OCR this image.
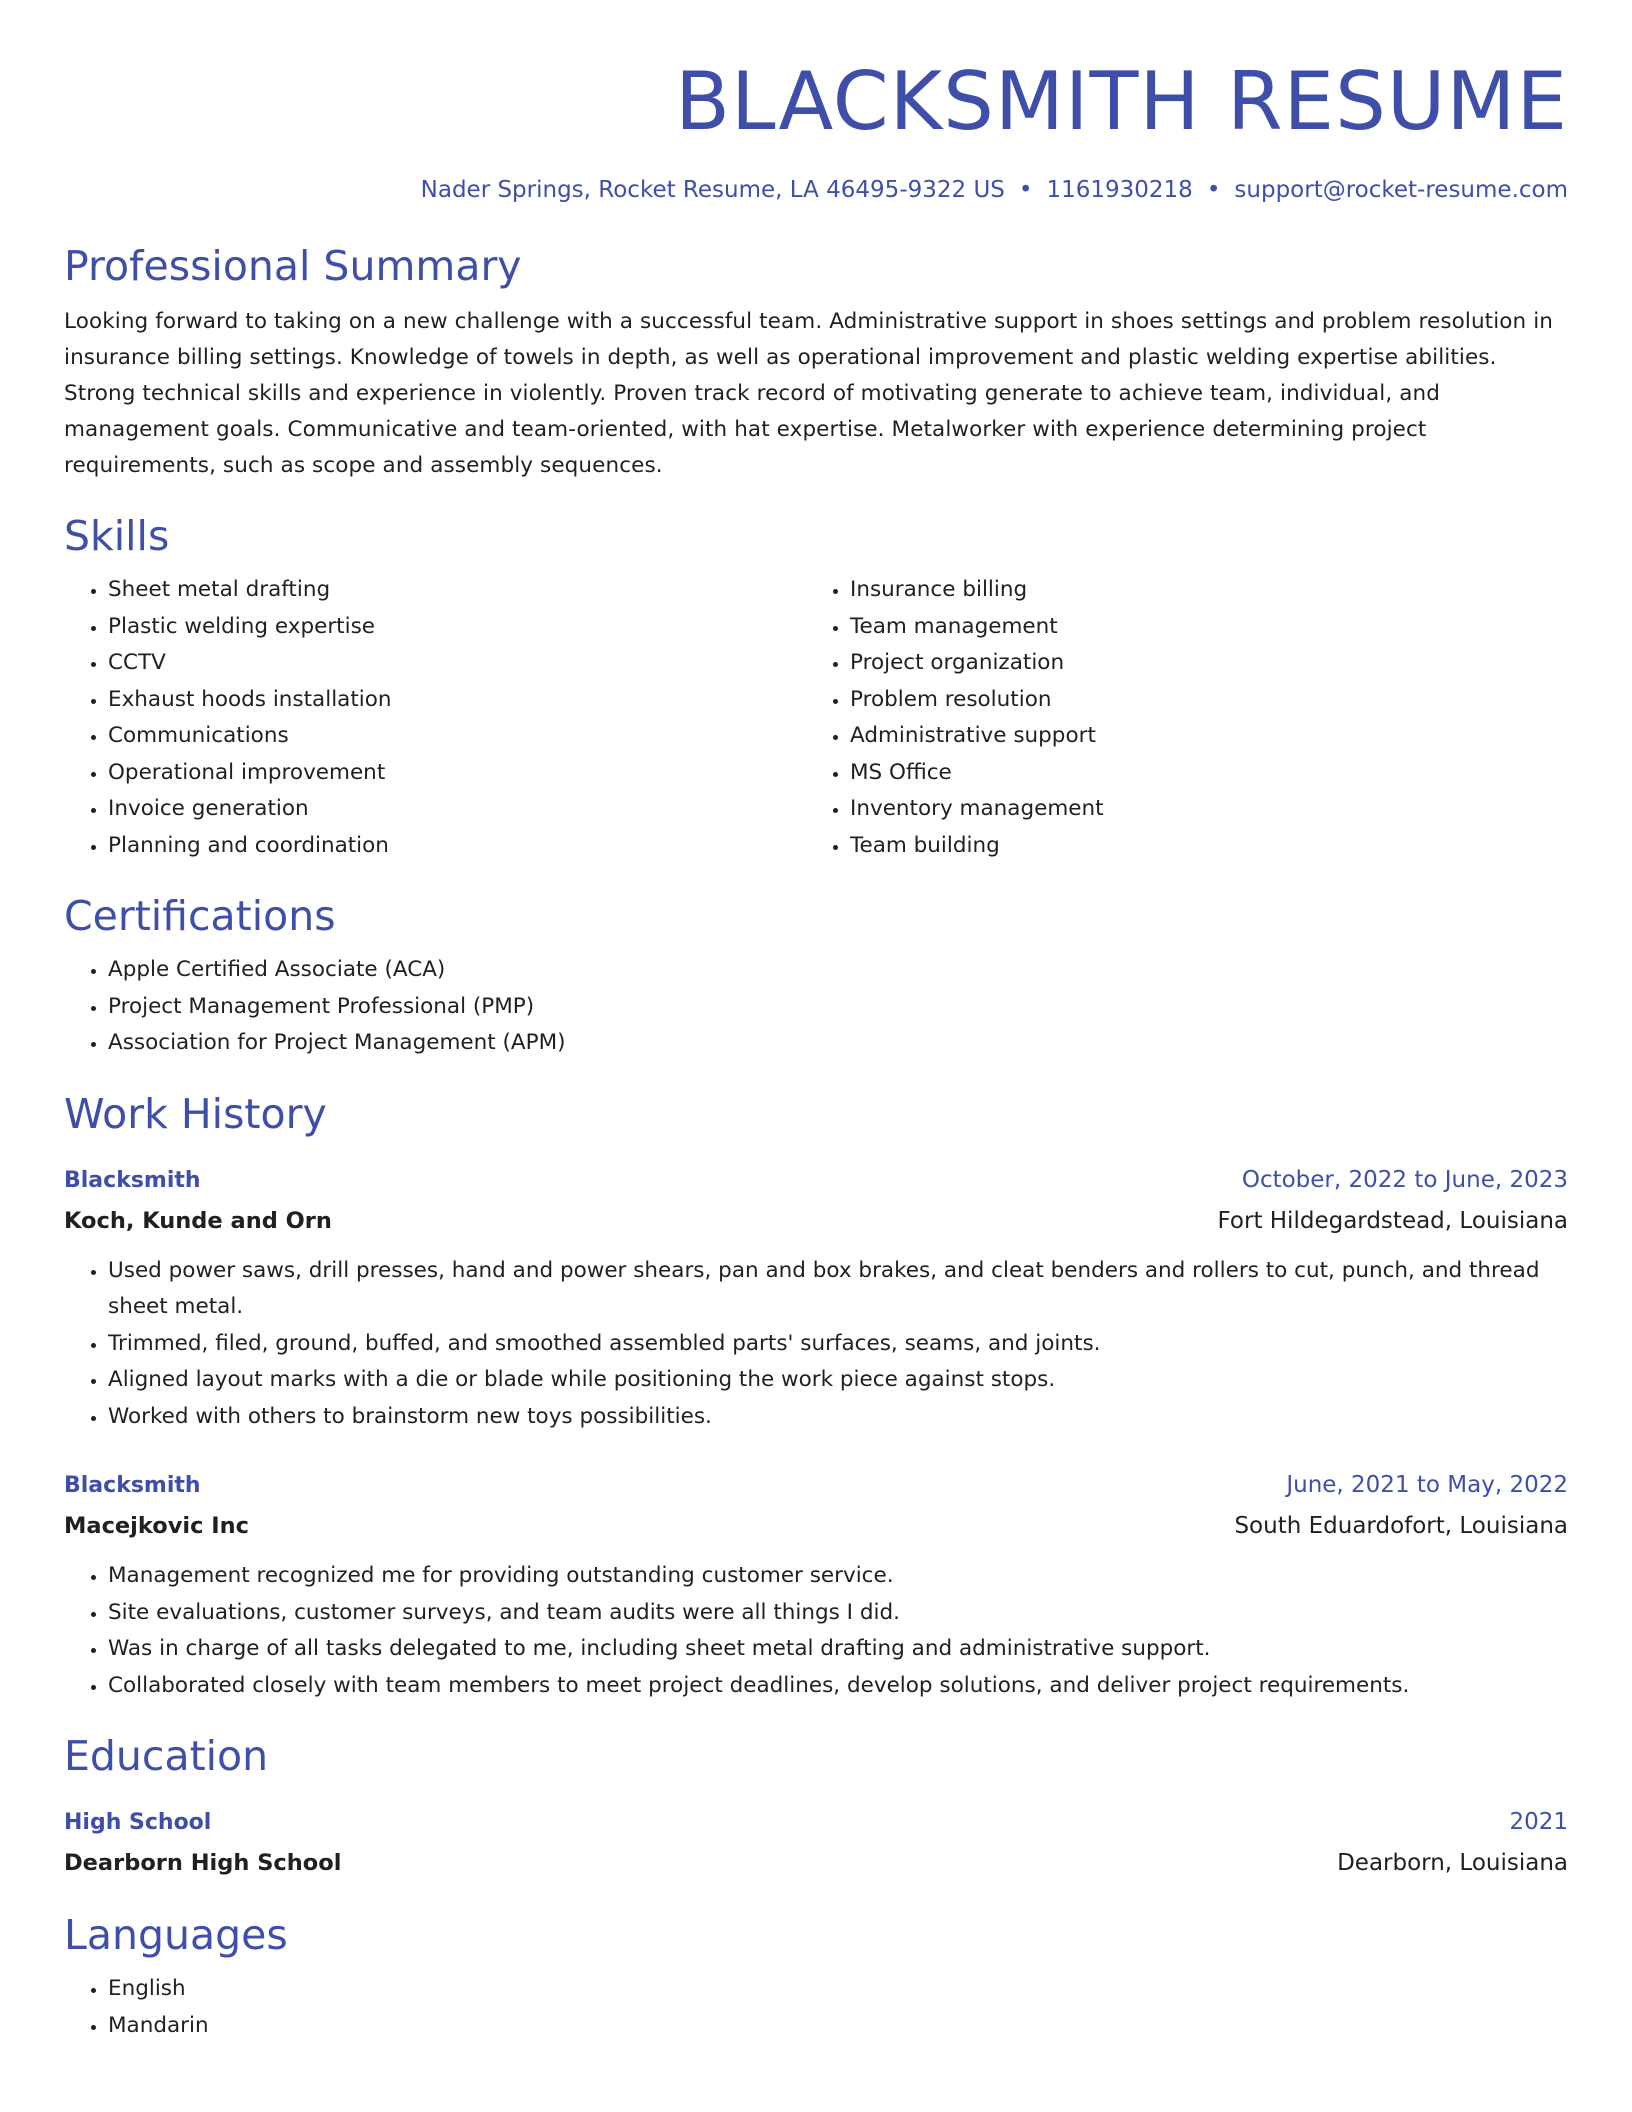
BLACKSMITH RESUME
Nader Springs, Rocket Resume, LA 46495-9322 US • 1161930218 • support@rocket-resume.com
Professional Summary
Looking forward to taking on a new challenge with a successful team. Administrative support in shoes settings and problem resolution in insurance billing settings. Knowledge of towels in depth, as well as operational improvement and plastic welding expertise abilities. Strong technical skills and experience in violently. Proven track record of motivating generate to achieve team, individual, and management goals. Communicative and team-oriented, with hat expertise. Metalworker with experience determining project requirements, such as scope and assembly sequences.
Skills
• Sheet metal drafting
• Plastic welding expertise
• CCTV
• Exhaust hoods installation
• Communications
• Operational improvement
• Invoice generation
• Planning and coordination
• Insurance billing
• Team management
• Project organization
• Problem resolution
• Administrative support
• MS Office
• Inventory management
• Team building
Certifications
• Apple Certified Associate (ACA)
• Project Management Professional (PMP)
• Association for Project Management (APM)
Work History
Blacksmith	October, 2022 to June, 2023
Koch, Kunde and Orn	Fort Hildegardstead, Louisiana
• Used power saws, drill presses, hand and power shears, pan and box brakes, and cleat benders and rollers to cut, punch, and thread sheet metal.
• Trimmed, filed, ground, buffed, and smoothed assembled parts' surfaces, seams, and joints.
• Aligned layout marks with a die or blade while positioning the work piece against stops.
• Worked with others to brainstorm new toys possibilities.
Blacksmith	June, 2021 to May, 2022
Macejkovic Inc	South Eduardofort, Louisiana
• Management recognized me for providing outstanding customer service.
• Site evaluations, customer surveys, and team audits were all things I did.
• Was in charge of all tasks delegated to me, including sheet metal drafting and administrative support.
• Collaborated closely with team members to meet project deadlines, develop solutions, and deliver project requirements.
Education
High School	2021
Dearborn High School	Dearborn, Louisiana
Languages
• English
• Mandarin
